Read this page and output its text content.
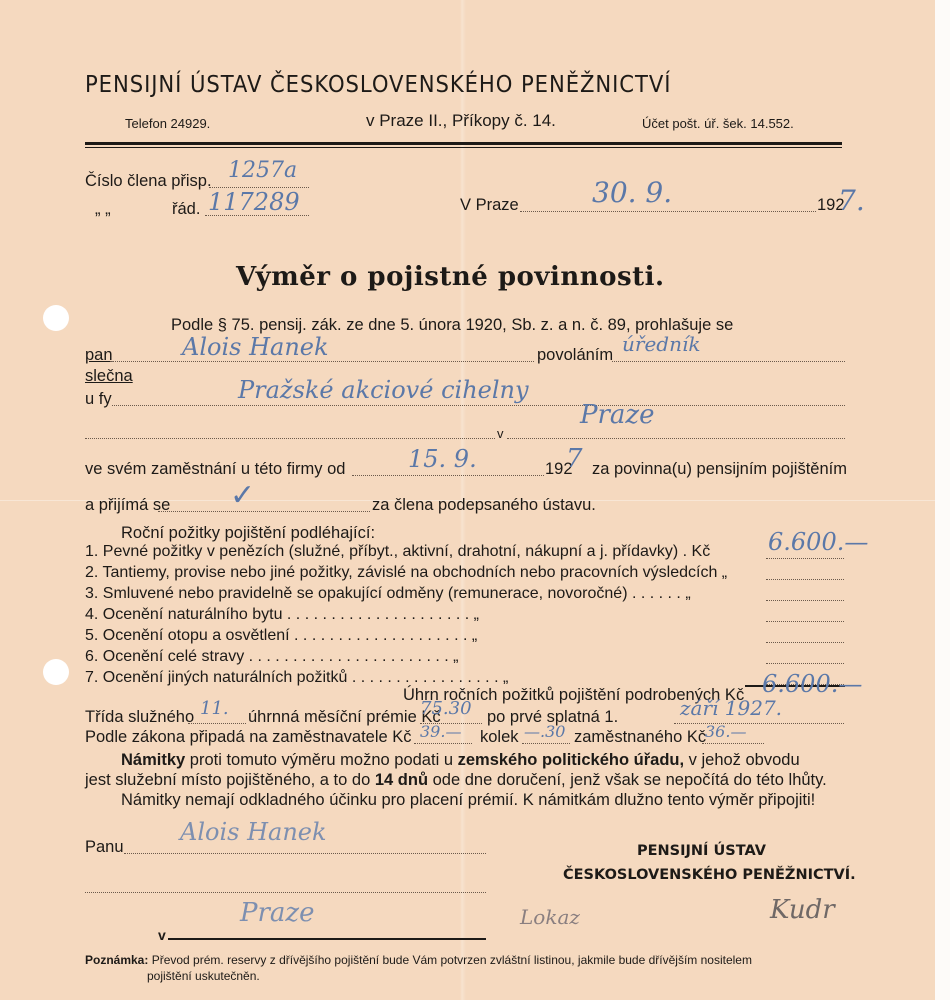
PENSIJNÍ ÚSTAV ČESKOSLOVENSKÉHO PENĚŽNICTVÍ
Telefon 24929.	v Praze II., Příkopy č. 14.	Účet pošt. úř. šek. 14.552.
Číslo člena přisp. 1257a
„ „	řád. 117289	V Praze	30. 9.	192
7.
Výměr o pojistné povinnosti.
Podle § 75. pensij. zák. ze dne 5. února 1920, Sb. z. a n. č. 89, prohlašuje se
pan	Alois Hanek	povoláním úředník
slečna
u fy	Pražské akciové cihelny
v
Praze
ve svém zaměstnání u této firmy od	15. 9.	192
7 za povinna(u) pensijním pojištěním
a přijímá se ✓	za člena podepsaného ústavu.
Roční požitky pojištění podléhající:
1. Pevné požitky v penězích (služné, příbyt., aktivní, drahotní, nákupní a j. přídavky) . Kč 6.600.—
2. Tantiemy, provise nebo jiné požitky, závislé na obchodních nebo pracovních výsledcích „
3. Smluvené nebo pravidelně se opakující odměny (remunerace, novoročné) . . . . . . „
4. Ocenění naturálního bytu . . . . . . . . . . . . . . . . . . . . . „
5. Ocenění otopu a osvětlení . . . . . . . . . . . . . . . . . . . . „
6. Ocenění celé stravy . . . . . . . . . . . . . . . . . . . . . . . „
7. Ocenění jiných naturálních požitků . . . . . . . . . . . . . . . . . „
Úhrn ročních požitků pojištění podrobených Kč 6.600.—
Třída služného 11. úhrnná měsíční prémie Kč
75.30 po prvé splatná 1.	září 1927.
Podle zákona připadá na zaměstnavatele Kč 39.— kolek —.30 zaměstnaného Kč
36.—
Námitky proti tomuto výměru možno podati u zemského politického úřadu, v jehož obvodu
jest služební místo pojištěného, a to do 14 dnů ode dne doručení, jenž však se nepočítá do této lhůty.
Námitky nemají odkladného účinku pro placení prémií. K námitkám dlužno tento výměr připojiti!
Panu
Alois Hanek
v
Praze	Lokaz
PENSIJNÍ ÚSTAV
ČESKOSLOVENSKÉHO PENĚŽNICTVÍ.
Kudr
Poznámka: Převod prém. reservy z dřívějšího pojištění bude Vám potvrzen zvláštní listinou, jakmile bude dřívějším nositelem
pojištění uskutečněn.
